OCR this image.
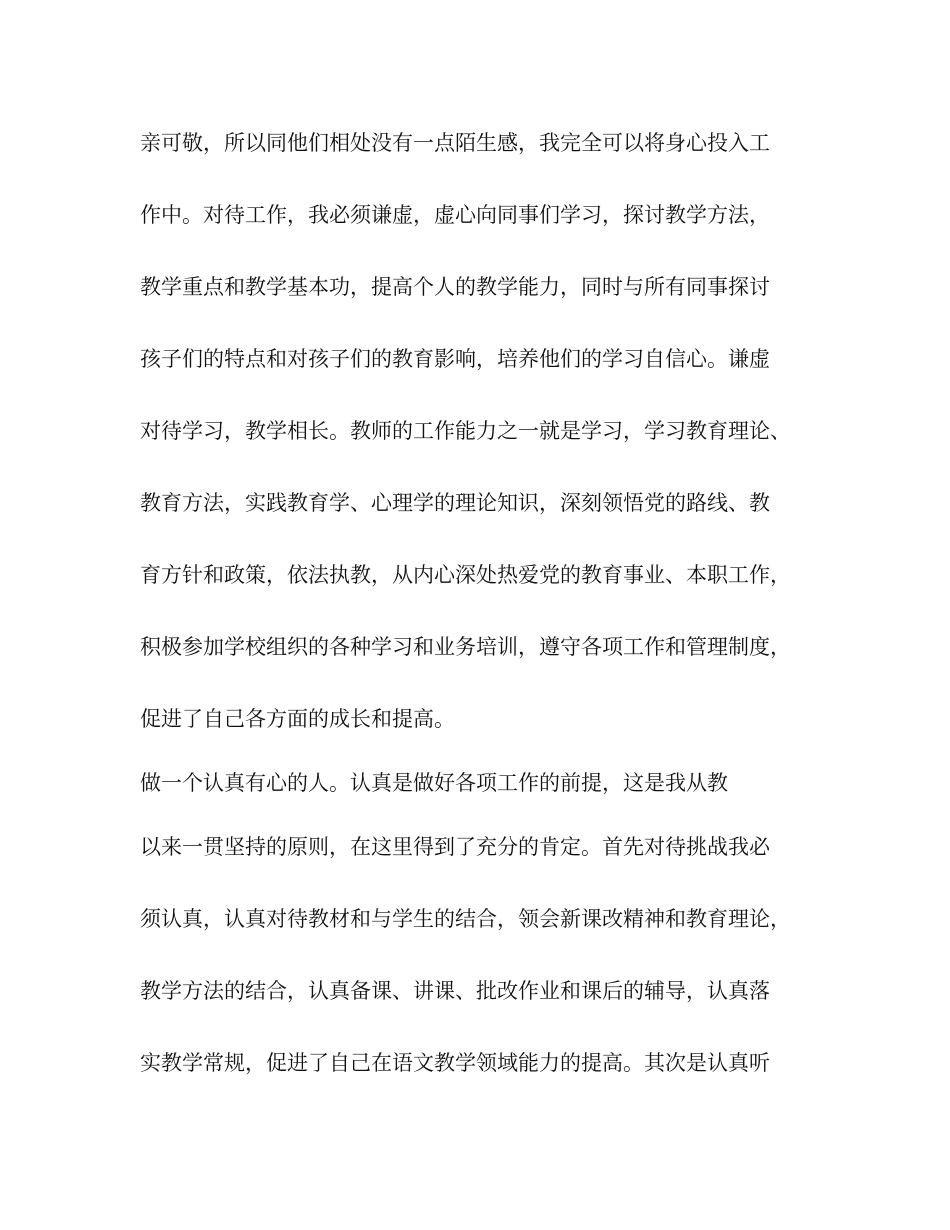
亲可敬，所以同他们相处没有一点陌生感，我完全可以将身心投入工
作中。对待工作，我必须谦虚，虚心向同事们学习，探讨教学方法，
教学重点和教学基本功，提高个人的教学能力，同时与所有同事探讨
孩子们的特点和对孩子们的教育影响，培养他们的学习自信心。谦虚
对待学习，教学相长。教师的工作能力之一就是学习，学习教育理论、
教育方法，实践教育学、心理学的理论知识，深刻领悟党的路线、教
育方针和政策，依法执教，从内心深处热爱党的教育事业、本职工作，
积极参加学校组织的各种学习和业务培训，遵守各项工作和管理制度，
促进了自己各方面的成长和提高。
做一个认真有心的人。认真是做好各项工作的前提，这是我从教
以来一贯坚持的原则，在这里得到了充分的肯定。首先对待挑战我必
须认真，认真对待教材和与学生的结合，领会新课改精神和教育理论，
教学方法的结合，认真备课、讲课、批改作业和课后的辅导，认真落
实教学常规，促进了自己在语文教学领域能力的提高。其次是认真听
